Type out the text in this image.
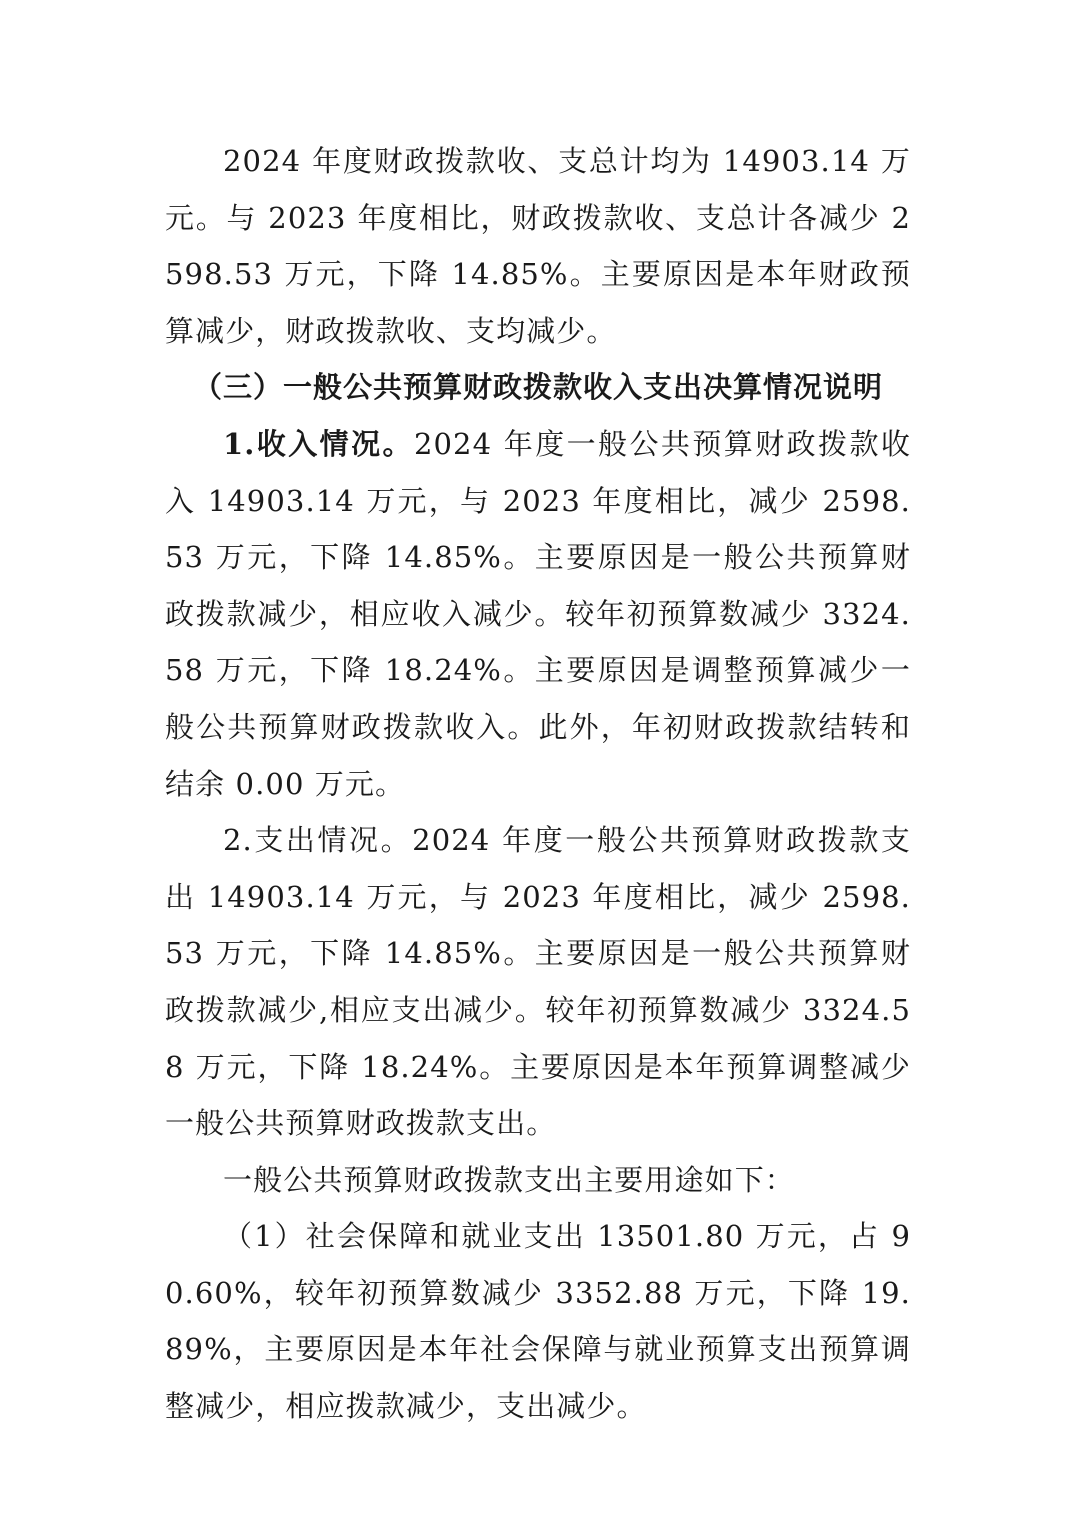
2024 年度财政拨款收、支总计均为 14903.14 万元。与 2023 年度相比，财政拨款收、支总计各减少 2598.53 万元，下降 14.85%。主要原因是本年财政预算减少，财政拨款收、支均减少。

（三）一般公共预算财政拨款收入支出决算情况说明

1.收入情况。2024 年度一般公共预算财政拨款收入 14903.14 万元，与 2023 年度相比，减少 2598.53 万元，下降 14.85%。主要原因是一般公共预算财政拨款减少，相应收入减少。较年初预算数减少 3324.58 万元，下降 18.24%。主要原因是调整预算减少一般公共预算财政拨款收入。此外，年初财政拨款结转和结余 0.00 万元。

2.支出情况。2024 年度一般公共预算财政拨款支出 14903.14 万元，与 2023 年度相比，减少 2598.53 万元，下降 14.85%。主要原因是一般公共预算财政拨款减少,相应支出减少。较年初预算数减少 3324.58 万元，下降 18.24%。主要原因是本年预算调整减少一般公共预算财政拨款支出。

一般公共预算财政拨款支出主要用途如下：

（1）社会保障和就业支出 13501.80 万元，占 90.60%，较年初预算数减少 3352.88 万元，下降 19.89%，主要原因是本年社会保障与就业预算支出预算调整减少，相应拨款减少，支出减少。
